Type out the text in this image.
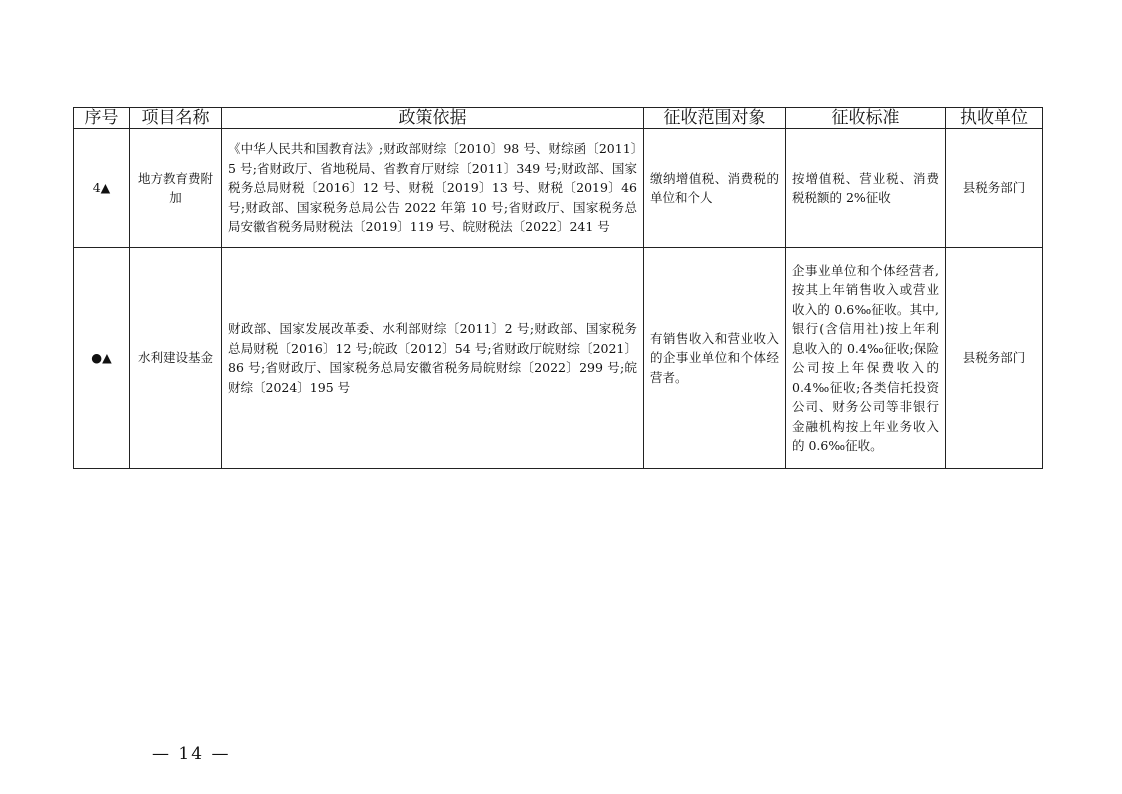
序号	项目名称	政策依据	征收范围对象	征收标准	执收单位
4▲	地方教育费附加	《中华人民共和国教育法》;财政部财综〔2010〕98 号、财综函〔2011〕5 号;省财政厅、省地税局、省教育厅财综〔2011〕349 号;财政部、国家税务总局财税〔2016〕12 号、财税〔2019〕13 号、财税〔2019〕46 号;财政部、国家税务总局公告 2022 年第 10 号;省财政厅、国家税务总局安徽省税务局财税法〔2019〕119 号、皖财税法〔2022〕241 号	缴纳增值税、消费税的单位和个人	按增值税、营业税、消费税税额的 2%征收	县税务部门
●▲	水利建设基金	财政部、国家发展改革委、水利部财综〔2011〕2 号;财政部、国家税务总局财税〔2016〕12 号;皖政〔2012〕54 号;省财政厅皖财综〔2021〕86 号;省财政厅、国家税务总局安徽省税务局皖财综〔2022〕299 号;皖财综〔2024〕195 号	有销售收入和营业收入的企事业单位和个体经营者。	企事业单位和个体经营者,按其上年销售收入或营业收入的 0.6‰征收。其中,银行(含信用社)按上年利息收入的 0.4‰征收;保险公司按上年保费收入的 0.4‰征收;各类信托投资公司、财务公司等非银行金融机构按上年业务收入的 0.6‰征收。	县税务部门
— 14 —
